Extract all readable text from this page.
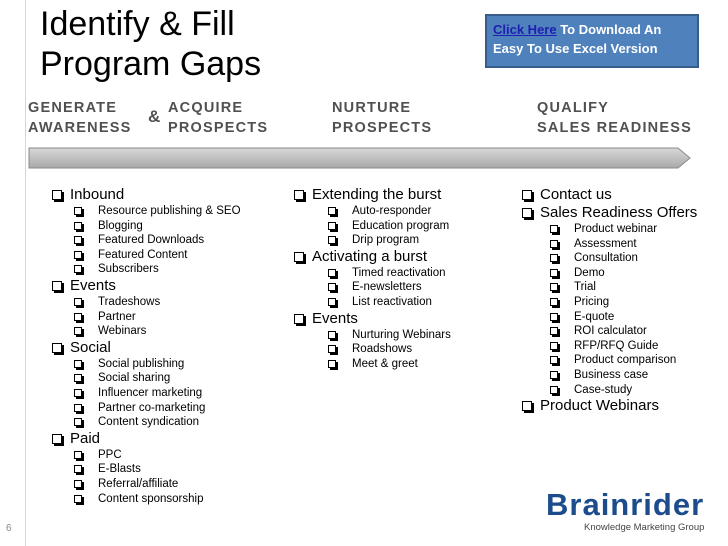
Identify & Fill
Program Gaps
Click Here To Download An Easy To Use Excel Version
GENERATE
AWARENESS
& ACQUIRE
PROSPECTS
NURTURE
PROSPECTS
QUALIFY
SALES READINESS
Inbound
Resource publishing & SEO
Blogging
Featured Downloads
Featured Content
Subscribers
Events
Tradeshows
Partner
Webinars
Social
Social publishing
Social sharing
Influencer marketing
Partner co-marketing
Content syndication
Paid
PPC
E-Blasts
Referral/affiliate
Content sponsorship
Extending the burst
Auto-responder
Education program
Drip program
Activating a burst
Timed reactivation
E-newsletters
List reactivation
Events
Nurturing Webinars
Roadshows
Meet & greet
Contact us
Sales Readiness Offers
Product webinar
Assessment
Consultation
Demo
Trial
Pricing
E-quote
ROI calculator
RFP/RFQ Guide
Product comparison
Business case
Case-study
Product Webinars
6
Brainrider
Knowledge Marketing Group
